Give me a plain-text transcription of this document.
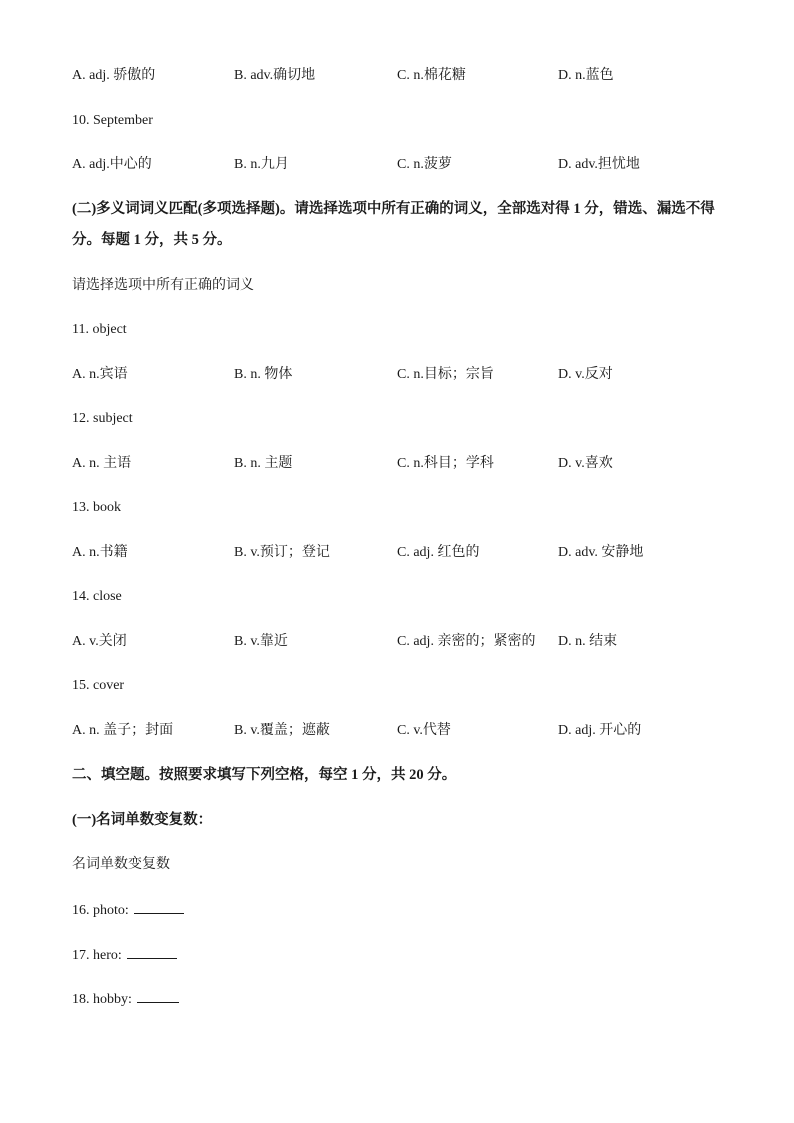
A. adj. 骄傲的	B. adv.确切地	C. n.棉花糖	D. n.蓝色
10. September
A. adj.中心的	B. n.九月	C. n.菠萝	D. adv.担忧地
(二)多义词词义匹配(多项选择题)。请选择选项中所有正确的词义，全部选对得 1 分，错选、漏选不得分。每题 1 分，共 5 分。
请选择选项中所有正确的词义
11. object
A. n.宾语	B. n. 物体	C. n.目标；宗旨	D. v.反对
12. subject
A. n. 主语	B. n. 主题	C. n.科目；学科	D. v.喜欢
13. book
A. n.书籍	B. v.预订；登记	C. adj. 红色的	D. adv. 安静地
14. close
A. v.关闭	B. v.靠近	C. adj. 亲密的；紧密的 D. n. 结束
15. cover
A. n. 盖子；封面	B. v.覆盖；遮蔽	C. v.代替	D. adj. 开心的
二、填空题。按照要求填写下列空格，每空 1 分，共 20 分。
(一)名词单数变复数：
名词单数变复数
16. photo:
17. hero:
18. hobby:
